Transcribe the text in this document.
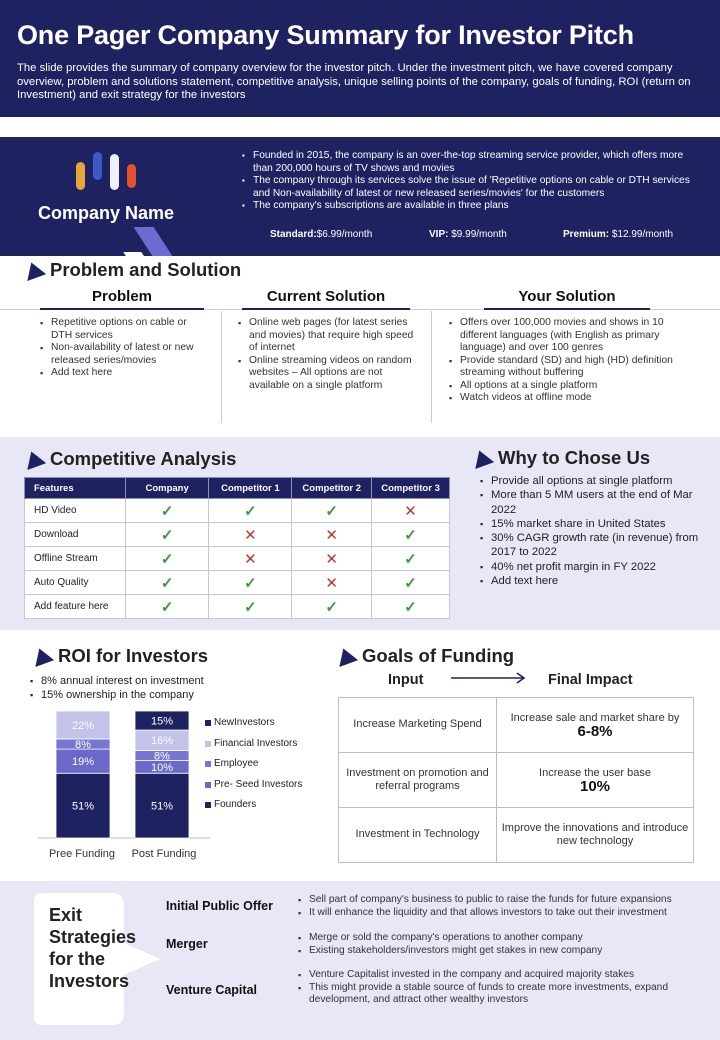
One Pager Company Summary for Investor Pitch
The slide provides the summary of company overview for the investor pitch. Under the investment pitch, we have covered company overview, problem and solutions statement, competitive analysis, unique selling points of the company, goals of funding, ROI (return on Investment) and exit strategy for the investors
Company Name
▪ Founded in 2015, the company is an over-the-top streaming service provider, which offers more than 200,000 hours of TV shows and movies
▪ The company through its services solve the issue of 'Repetitive options on cable or DTH services and Non-availability of latest or new released series/movies' for the customers
▪ The company's subscriptions are available in three plans
Standard:$6.99/month	VIP: $9.99/month	Premium: $12.99/month
Problem and Solution
Problem
▪ Repetitive options on cable or DTH services
▪ Non-availability of latest or new released series/movies
▪ Add text here
Current Solution
▪ Online web pages (for latest series and movies) that require high speed of internet
▪ Online streaming videos on random websites – All options are not available on a single platform
Your Solution
▪ Offers over 100,000 movies and shows in 10 different languages (with English as primary language) and over 100 genres
▪ Provide standard (SD) and high (HD) definition streaming without buffering
▪ All options at a single platform
▪ Watch videos at offline mode
Competitive Analysis
Features	Company	Competitor 1	Competitor 2	Competitor 3
HD Video	✓	✓	✓	✕
Download	✓	✕	✕	✓
Offline Stream	✓	✕	✕	✓
Auto Quality	✓	✓	✕	✓
Add feature here	✓	✓	✓	✓
Why to Chose Us
▪ Provide all options at single platform
▪ More than 5 MM users at the end of Mar 2022
▪ 15% market share in United States
▪ 30% CAGR growth rate (in revenue) from 2017 to 2022
▪ 40% net profit margin in FY 2022
▪ Add text here
ROI for Investors
▪ 8% annual interest on investment
▪ 15% ownership in the company
51%
19%
8%
22%
Pree Funding
51%
10%
8%
16%
15%
Post Funding
NewInvestors
Financial Investors
Employee
Pre- Seed Investors
Founders
Goals of Funding
Input	Final Impact
Increase Marketing Spend	Increase sale and market share by
6-8%

Investment on promotion and referral programs	Increase the user base
10%

Investment in Technology	Improve the innovations and introduce new technology
Exit Strategies for the Investors
Initial Public Offer	▪ Sell part of company's business to public to raise the funds for future expansions
▪ It will enhance the liquidity and that allows investors to take out their investment
Merger	▪ Merge or sold the company's operations to another company
▪ Existing stakeholders/investors might get stakes in new company
Venture Capital
▪ Venture Capitalist invested in the company and acquired majority stakes
▪ This might provide a stable source of funds to create more investments, expand development, and attract other wealthy investors
